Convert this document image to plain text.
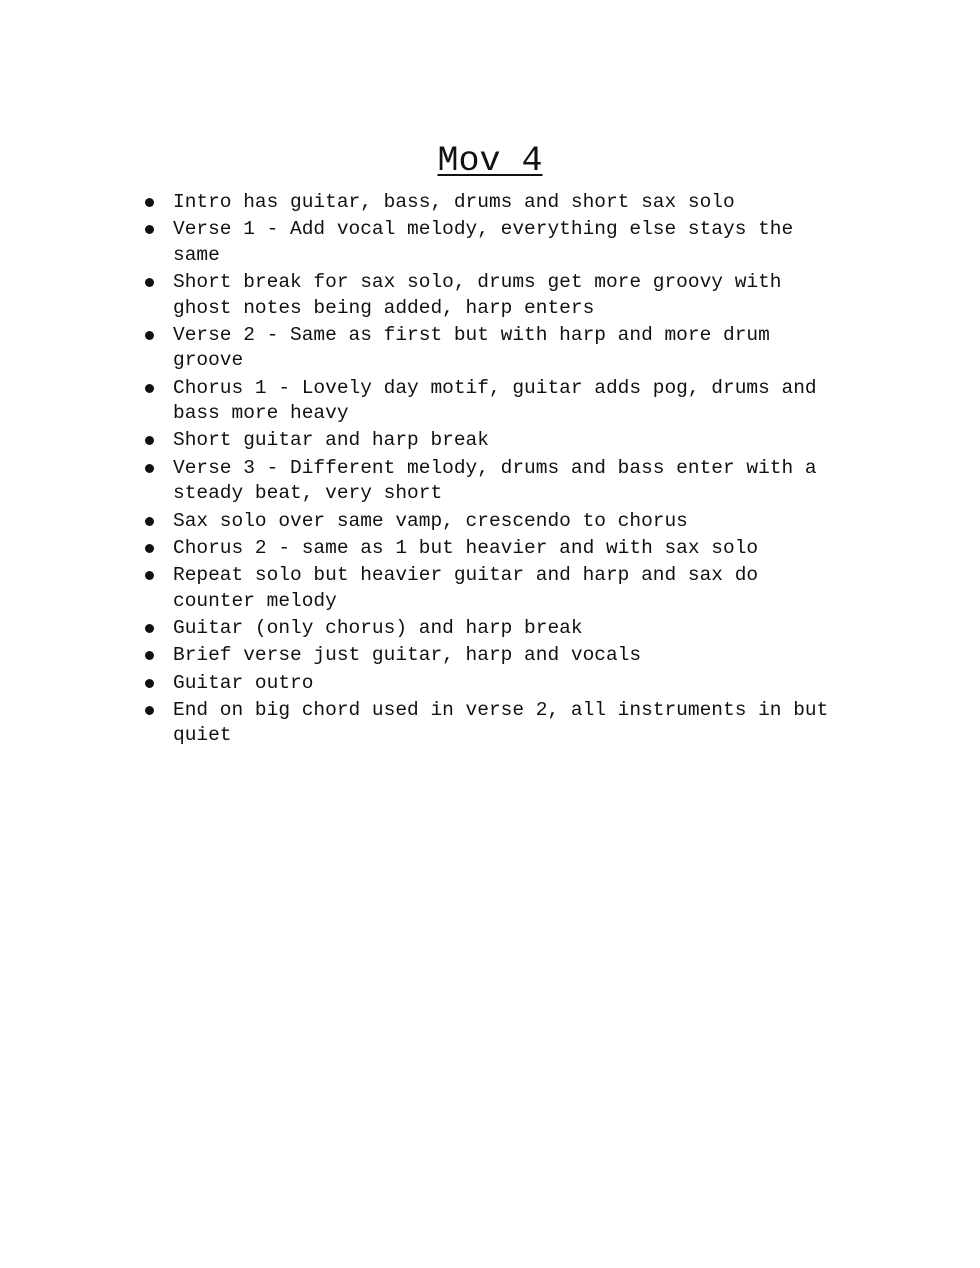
Mov 4
Intro has guitar, bass, drums and short sax solo
Verse 1 - Add vocal melody, everything else stays the same
Short break for sax solo, drums get more groovy with ghost notes being added, harp enters
Verse 2 - Same as first but with harp and more drum groove
Chorus 1 - Lovely day motif, guitar adds pog, drums and bass more heavy
Short guitar and harp break
Verse 3 - Different melody, drums and bass enter with a steady beat, very short
Sax solo over same vamp, crescendo to chorus
Chorus 2 - same as 1 but heavier and with sax solo
Repeat solo but heavier guitar and harp and sax do counter melody
Guitar (only chorus) and harp break
Brief verse just guitar, harp and vocals
Guitar outro
End on big chord used in verse 2, all instruments in but quiet
